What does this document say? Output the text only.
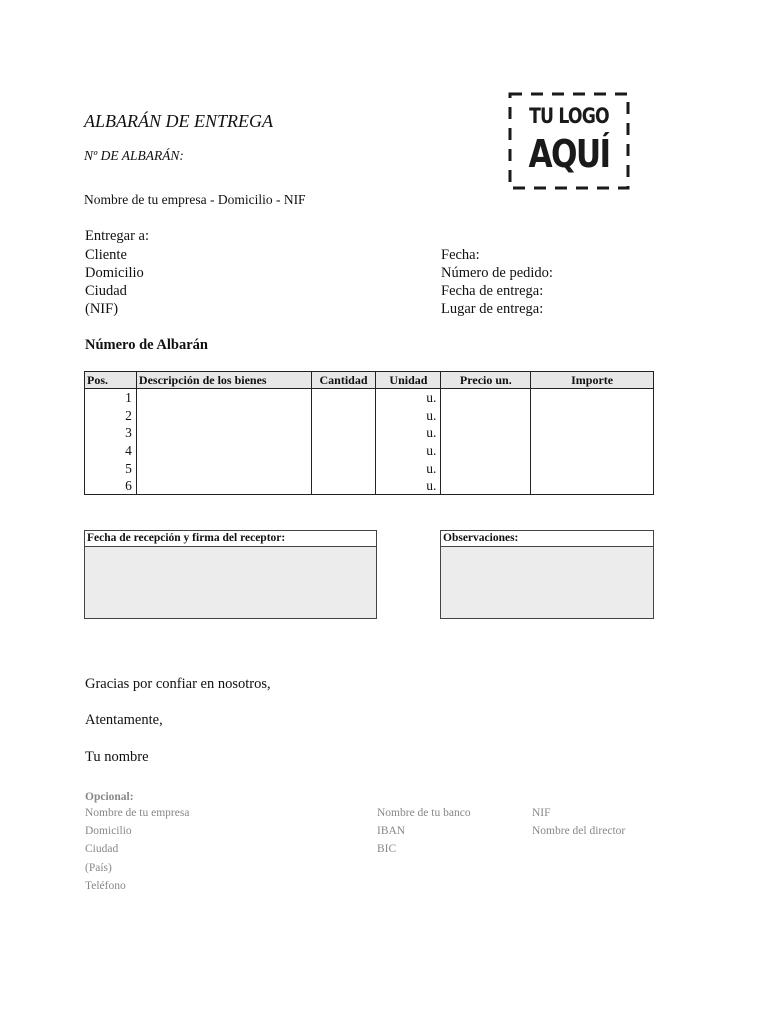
ALBARÁN DE ENTREGA
Nº DE ALBARÁN:
Nombre de tu empresa - Domicilio - NIF
TU LOGO
AQUÍ
Entregar a:
Cliente
Domicilio
Ciudad
(NIF)
Fecha:
Número de pedido:
Fecha de entrega:
Lugar de entrega:
Número de Albarán
Pos.	Descripción de los bienes	Cantidad	Unidad	Precio un.	Importe
1			u.		
2			u.		
3			u.		
4			u.		
5			u.		
6			u.		
Fecha de recepción y firma del receptor:	Observaciones:
Gracias por confiar en nosotros,
Atentamente,
Tu nombre
Opcional:
Nombre de tu empresa
Domicilio
Ciudad
(País)
Teléfono
Nombre de tu banco
IBAN
BIC
NIF
Nombre del director
